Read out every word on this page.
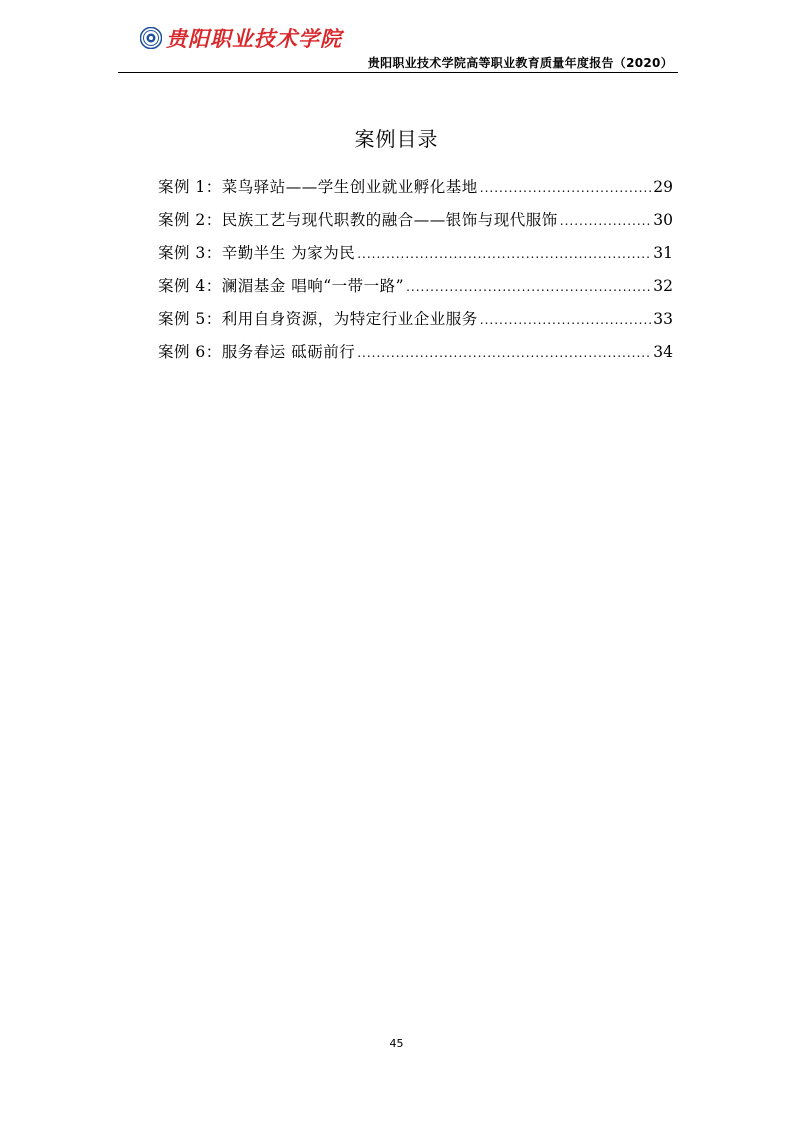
贵阳职业技术学院
贵阳职业技术学院高等职业教育质量年度报告（2020）
案例目录
案例 1：菜鸟驿站——学生创业就业孵化基地 .....	29
案例 2：民族工艺与现代职教的融合——银饰与现代服饰 .....	30
案例 3：辛勤半生 为家为民 .....	31
案例 4：澜湄基金 唱响“一带一路” .....	32
案例 5：利用自身资源，为特定行业企业服务 .....	33
案例 6：服务春运 砥砺前行 .....	34
45
